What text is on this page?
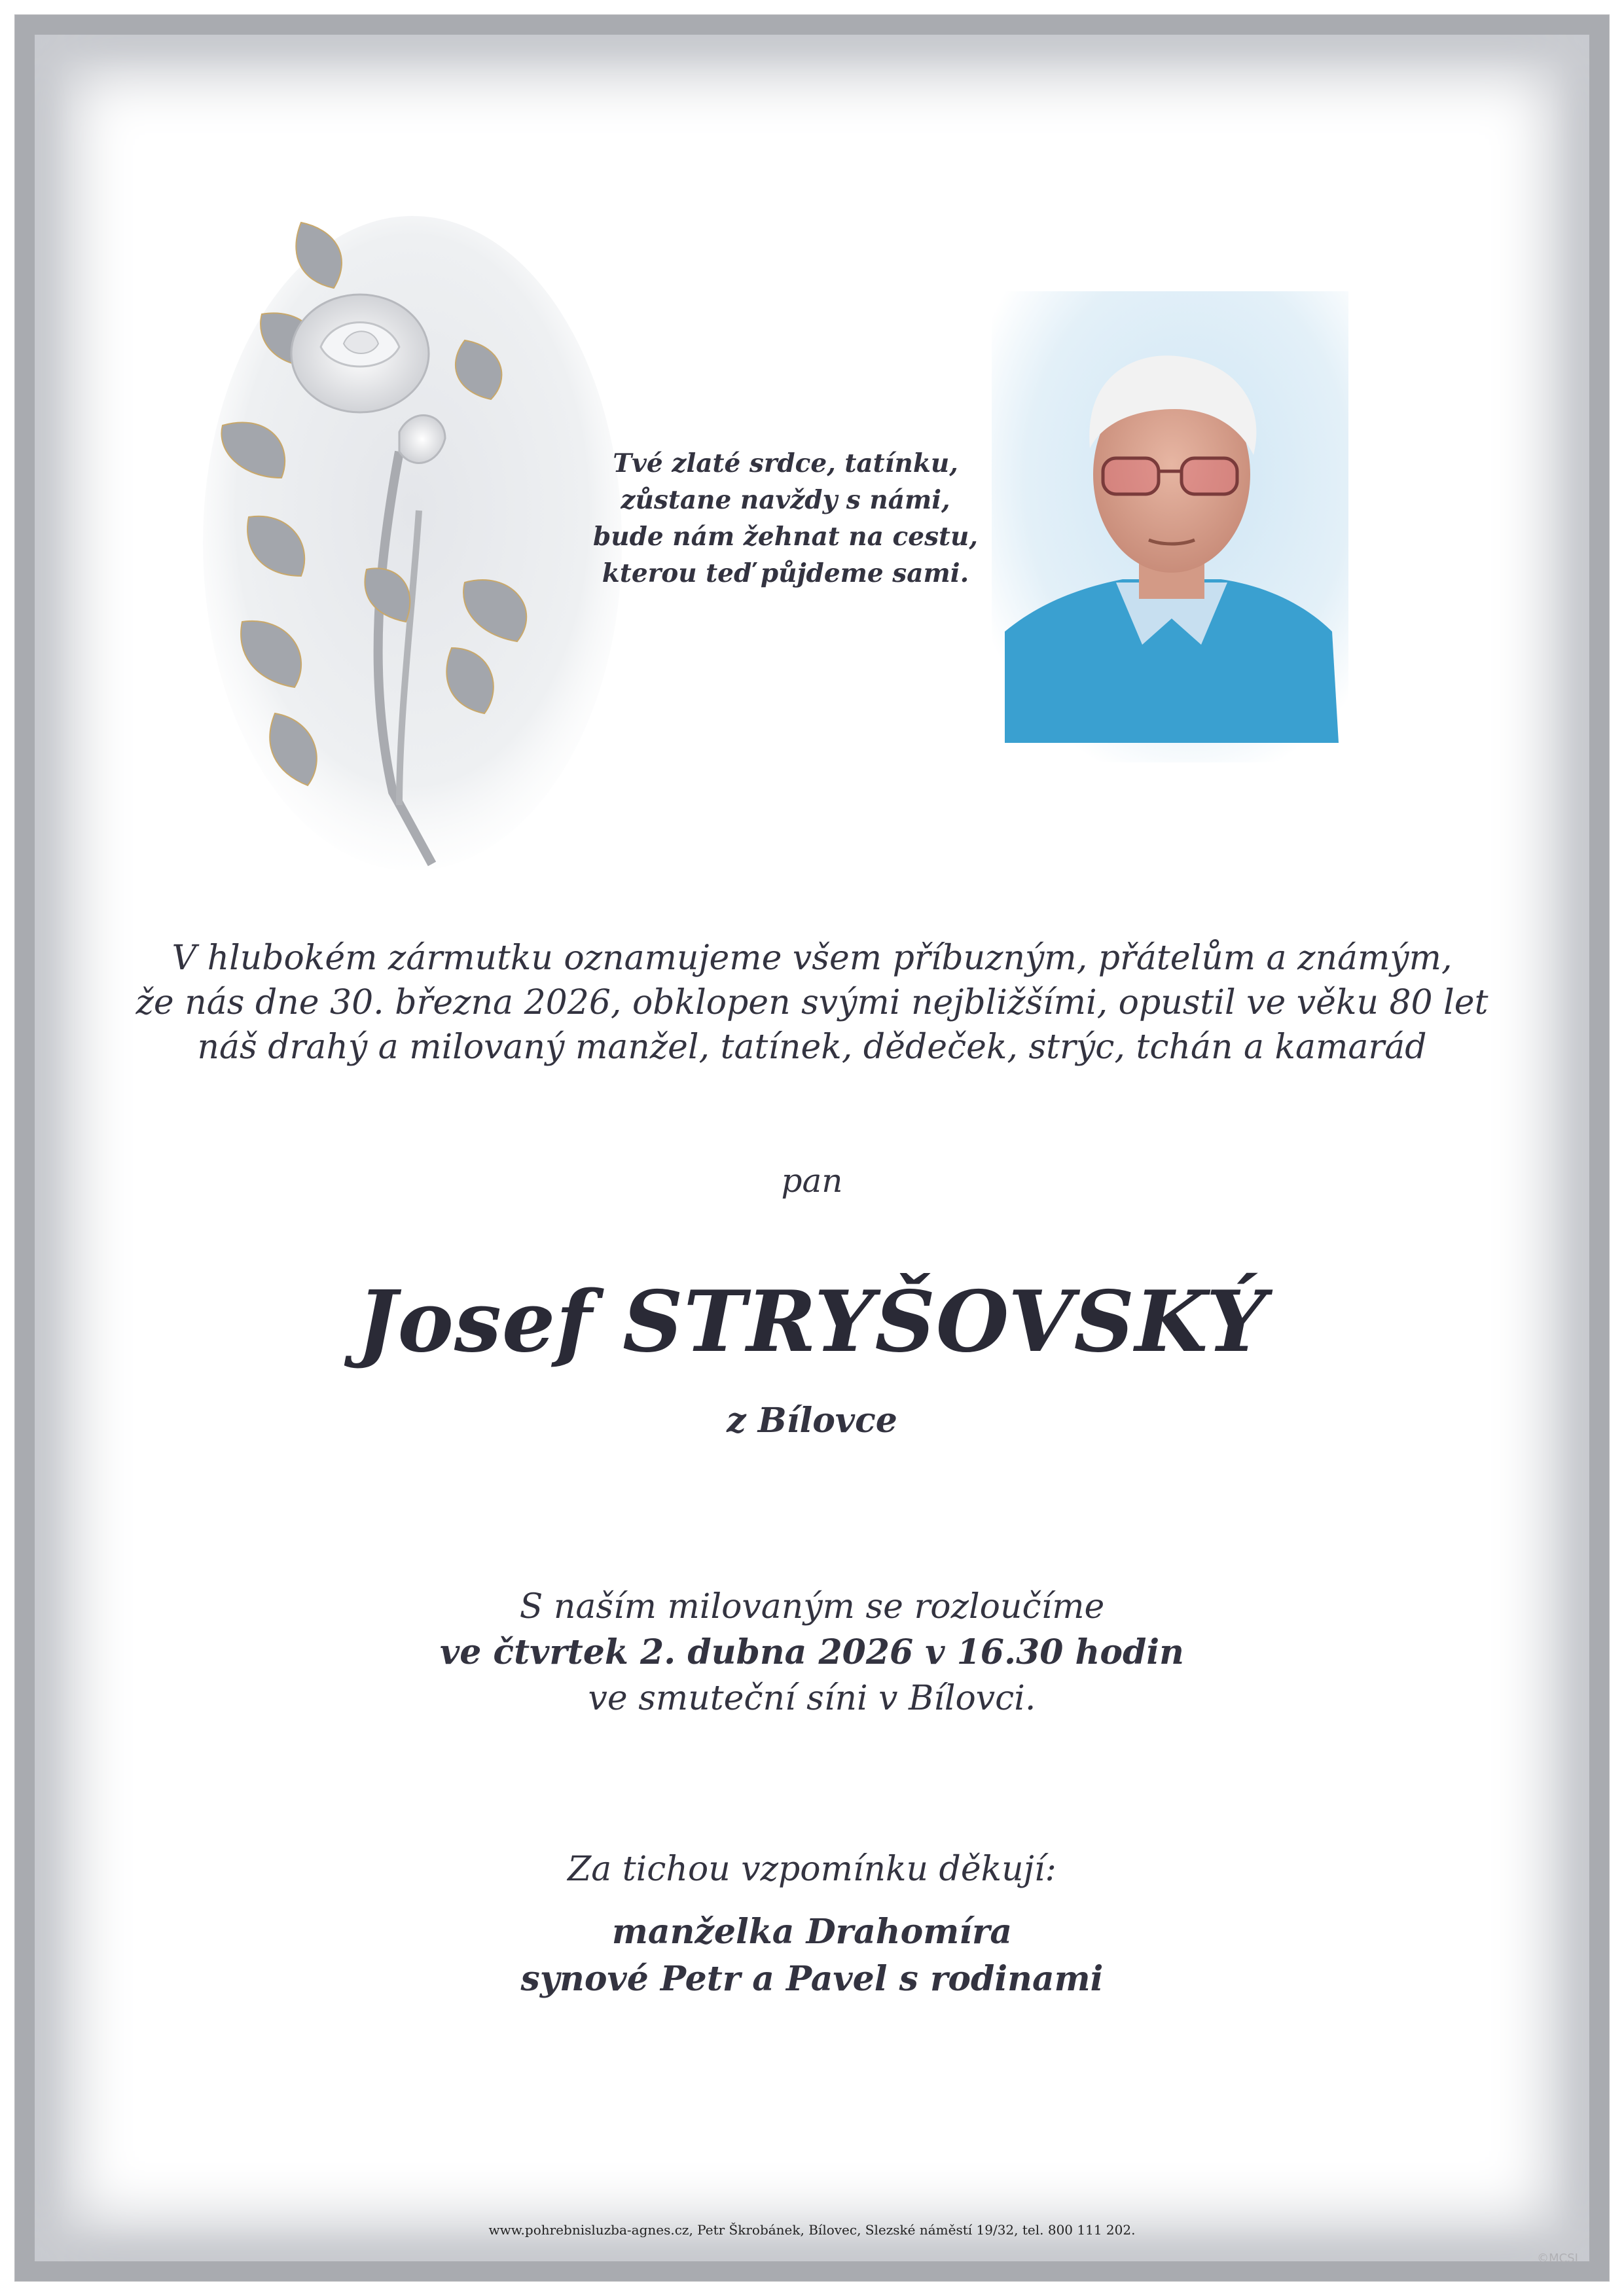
Tvé zlaté srdce, tatínku,
zůstane navždy s námi,
bude nám žehnat na cestu,
kterou teď půjdeme sami.
V hlubokém zármutku oznamujeme všem příbuzným, přátelům a známým,
že nás dne 30. března 2026, obklopen svými nejbližšími, opustil ve věku 80 let
náš drahý a milovaný manžel, tatínek, dědeček, strýc, tchán a kamarád
pan
Josef STRYŠOVSKÝ
z Bílovce
S naším milovaným se rozloučíme
ve čtvrtek 2. dubna 2026 v 16.30 hodin
ve smuteční síni v Bílovci.
Za tichou vzpomínku děkují:
manželka Drahomíra
synové Petr a Pavel s rodinami
www.pohrebnisluzba-agnes.cz, Petr Škrobánek, Bílovec, Slezské náměstí 19/32, tel. 800 111 202.
©MCSI
